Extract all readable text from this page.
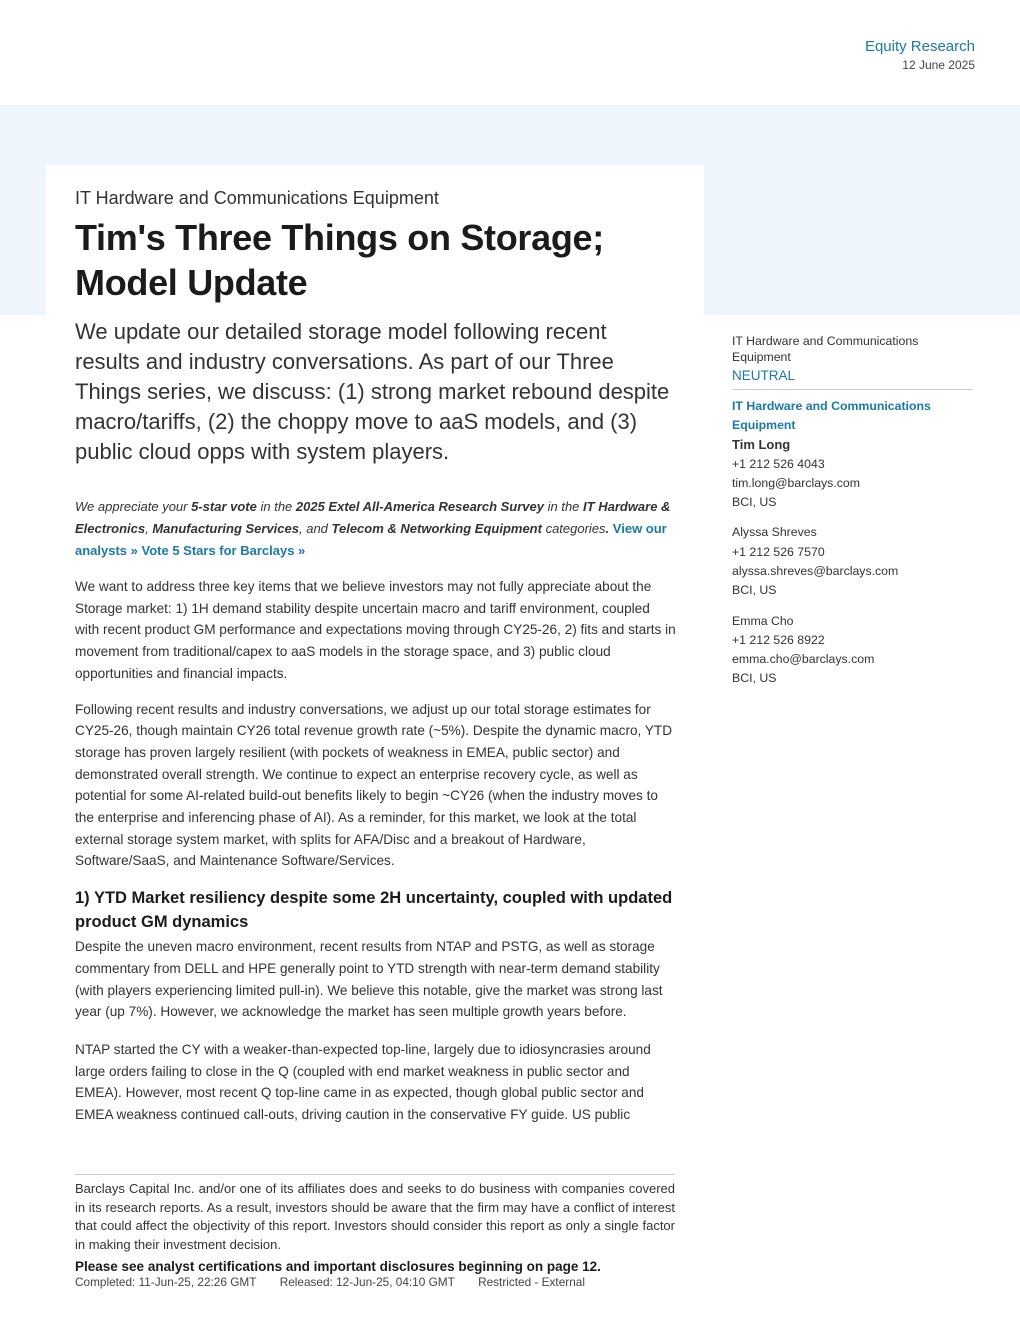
Equity Research
12 June 2025
IT Hardware and Communications Equipment
Tim's Three Things on Storage; Model Update
We update our detailed storage model following recent results and industry conversations. As part of our Three Things series, we discuss: (1) strong market rebound despite macro/tariffs, (2) the choppy move to aaS models, and (3) public cloud opps with system players.
We appreciate your 5-star vote in the 2025 Extel All-America Research Survey in the IT Hardware & Electronics, Manufacturing Services, and Telecom & Networking Equipment categories. View our analysts » Vote 5 Stars for Barclays »
We want to address three key items that we believe investors may not fully appreciate about the Storage market: 1) 1H demand stability despite uncertain macro and tariff environment, coupled with recent product GM performance and expectations moving through CY25-26, 2) fits and starts in movement from traditional/capex to aaS models in the storage space, and 3) public cloud opportunities and financial impacts.
Following recent results and industry conversations, we adjust up our total storage estimates for CY25-26, though maintain CY26 total revenue growth rate (~5%). Despite the dynamic macro, YTD storage has proven largely resilient (with pockets of weakness in EMEA, public sector) and demonstrated overall strength. We continue to expect an enterprise recovery cycle, as well as potential for some AI-related build-out benefits likely to begin ~CY26 (when the industry moves to the enterprise and inferencing phase of AI). As a reminder, for this market, we look at the total external storage system market, with splits for AFA/Disc and a breakout of Hardware, Software/SaaS, and Maintenance Software/Services.
1) YTD Market resiliency despite some 2H uncertainty, coupled with updated product GM dynamics
Despite the uneven macro environment, recent results from NTAP and PSTG, as well as storage commentary from DELL and HPE generally point to YTD strength with near-term demand stability (with players experiencing limited pull-in). We believe this notable, give the market was strong last year (up 7%). However, we acknowledge the market has seen multiple growth years before.
NTAP started the CY with a weaker-than-expected top-line, largely due to idiosyncrasies around large orders failing to close in the Q (coupled with end market weakness in public sector and EMEA). However, most recent Q top-line came in as expected, though global public sector and EMEA weakness continued call-outs, driving caution in the conservative FY guide. US public
IT Hardware and Communications Equipment
NEUTRAL
IT Hardware and Communications Equipment
Tim Long
+1 212 526 4043
tim.long@barclays.com
BCI, US
Alyssa Shreves
+1 212 526 7570
alyssa.shreves@barclays.com
BCI, US
Emma Cho
+1 212 526 8922
emma.cho@barclays.com
BCI, US
Barclays Capital Inc. and/or one of its affiliates does and seeks to do business with companies covered in its research reports. As a result, investors should be aware that the firm may have a conflict of interest that could affect the objectivity of this report. Investors should consider this report as only a single factor in making their investment decision.
Please see analyst certifications and important disclosures beginning on page 12.
Completed: 11-Jun-25, 22:26 GMT Released: 12-Jun-25, 04:10 GMT Restricted - External
